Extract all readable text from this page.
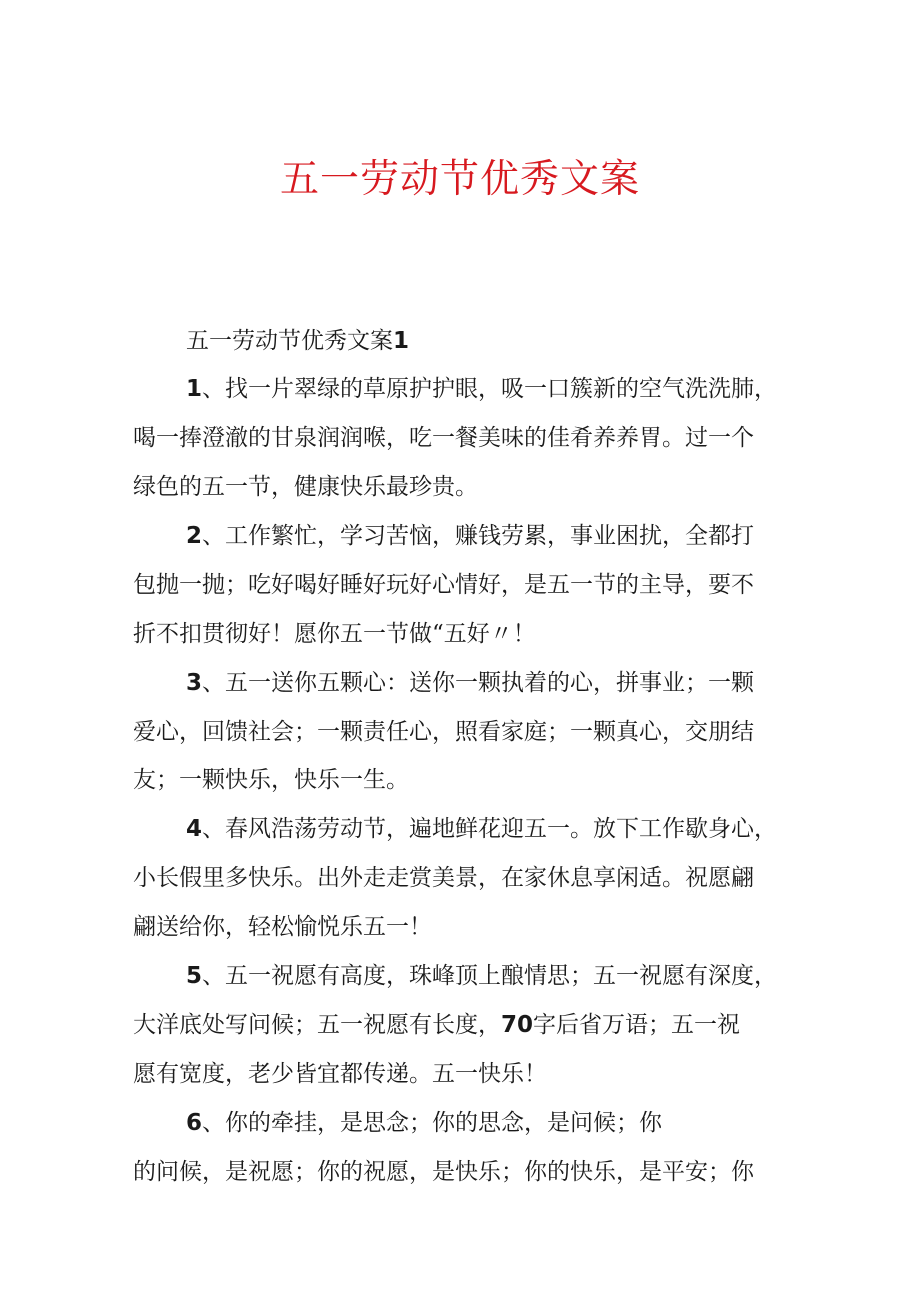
五一劳动节优秀文案
五一劳动节优秀文案1
1、找一片翠绿的草原护护眼，吸一口簇新的空气洗洗肺，
喝一捧澄澈的甘泉润润喉，吃一餐美味的佳肴养养胃。过一个
绿色的五一节，健康快乐最珍贵。
2、工作繁忙，学习苦恼，赚钱劳累，事业困扰，全都打
包抛一抛；吃好喝好睡好玩好心情好，是五一节的主导，要不
折不扣贯彻好！愿你五一节做“五好〃！
3、五一送你五颗心：送你一颗执着的心，拼事业；一颗
爱心，回馈社会；一颗责任心，照看家庭；一颗真心，交朋结
友；一颗快乐，快乐一生。
4、春风浩荡劳动节，遍地鲜花迎五一。放下工作歇身心，
小长假里多快乐。出外走走赏美景，在家休息享闲适。祝愿翩
翩送给你，轻松愉悦乐五一！
5、五一祝愿有高度，珠峰顶上酿情思；五一祝愿有深度，
大洋底处写问候；五一祝愿有长度，70字后省万语；五一祝
愿有宽度，老少皆宜都传递。五一快乐！
6、你的牵挂，是思念；你的思念，是问候；你
的问候，是祝愿；你的祝愿，是快乐；你的快乐，是平安；你
